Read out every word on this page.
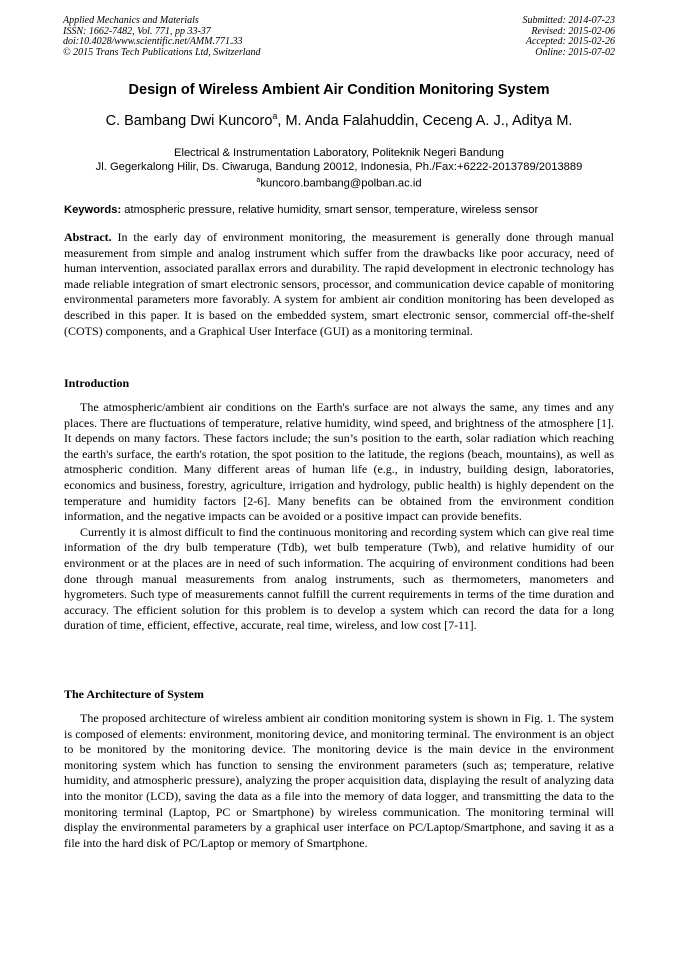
Applied Mechanics and Materials
ISSN: 1662-7482, Vol. 771, pp 33-37
doi:10.4028/www.scientific.net/AMM.771.33
© 2015 Trans Tech Publications Ltd, Switzerland
Submitted: 2014-07-23
Revised: 2015-02-06
Accepted: 2015-02-26
Online: 2015-07-02
Design of Wireless Ambient Air Condition Monitoring System
C. Bambang Dwi Kuncoro$^a$, M. Anda Falahuddin, Ceceng A. J., Aditya M.
Electrical & Instrumentation Laboratory, Politeknik Negeri Bandung
Jl. Gegerkalong Hilir, Ds. Ciwaruga, Bandung 20012, Indonesia, Ph./Fax:+6222-2013789/2013889
$^a$kuncoro.bambang@polban.ac.id
Keywords: atmospheric pressure, relative humidity, smart sensor, temperature, wireless sensor

Abstract. In the early day of environment monitoring, the measurement is generally done through manual measurement from simple and analog instrument which suffer from the drawbacks like poor accuracy, need of human intervention, associated parallax errors and durability. The rapid development in electronic technology has made reliable integration of smart electronic sensors, processor, and communication device capable of monitoring environmental parameters more favorably. A system for ambient air condition monitoring has been developed as described in this paper. It is based on the embedded system, smart electronic sensor, commercial off-the-shelf (COTS) components, and a Graphical User Interface (GUI) as a monitoring terminal.

Introduction

The atmospheric/ambient air conditions on the Earth's surface are not always the same, any times and any places. There are fluctuations of temperature, relative humidity, wind speed, and brightness of the atmosphere [1]. It depends on many factors. These factors include; the sun’s position to the earth, solar radiation which reaching the earth's surface, the earth's rotation, the spot position to the latitude, the regions (beach, mountains), as well as atmospheric condition. Many different areas of human life (e.g., in industry, building design, laboratories, economics and business, forestry, agriculture, irrigation and hydrology, public health) is highly dependent on the temperature and humidity factors [2-6]. Many benefits can be obtained from the environment condition information, and the negative impacts can be avoided or a positive impact can provide benefits.

Currently it is almost difficult to find the continuous monitoring and recording system which can give real time information of the dry bulb temperature (Tdb), wet bulb temperature (Twb), and relative humidity of our environment or at the places are in need of such information. The acquiring of environment conditions had been done through manual measurements from analog instruments, such as thermometers, manometers and hygrometers. Such type of measurements cannot fulfill the current requirements in terms of the time duration and accuracy. The efficient solution for this problem is to develop a system which can record the data for a long duration of time, efficient, effective, accurate, real time, wireless, and low cost [7-11].

The Architecture of System

The proposed architecture of wireless ambient air condition monitoring system is shown in Fig. 1. The system is composed of elements: environment, monitoring device, and monitoring terminal. The environment is an object to be monitored by the monitoring device. The monitoring device is the main device in the environment monitoring system which has function to sensing the environment parameters (such as; temperature, relative humidity, and atmospheric pressure), analyzing the proper acquisition data, displaying the result of analyzing data into the monitor (LCD), saving the data as a file into the memory of data logger, and transmitting the data to the monitoring terminal (Laptop, PC or Smartphone) by wireless communication. The monitoring terminal will display the environmental parameters by a graphical user interface on PC/Laptop/Smartphone, and saving it as a file into the hard disk of PC/Laptop or memory of Smartphone.
